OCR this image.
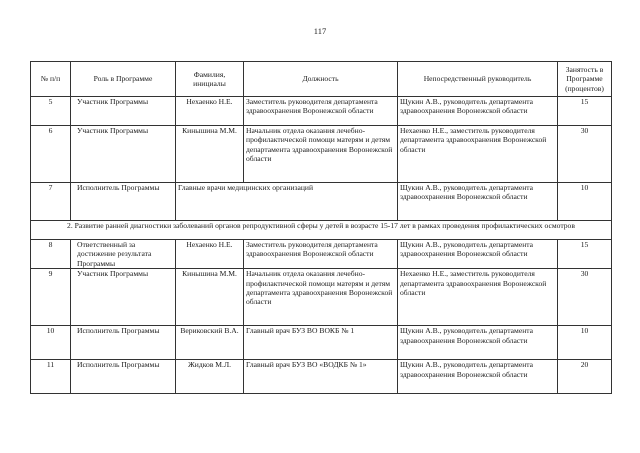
117
№ п/п	Роль в Программе	Фамилия, инициалы	Должность	Непосредственный руководитель	Занятость в Программе (процентов)
5	Участник Программы	Нехаенко Н.Е.	Заместитель руководителя департамента здравоохранения Воронежской области	Щукин А.В., руководитель департамента здравоохранения Воронежской области	15
6	Участник Программы	Кинышина М.М.	Начальник отдела оказания лечебно-профилактической помощи матерям и детям департамента здравоохранения Воронежской области	Нехаенко Н.Е., заместитель руководителя департамента здравоохранения Воронежской области	30
7	Исполнитель Программы	Главные врачи медицинских организаций		Щукин А.В., руководитель департамента здравоохранения Воронежской области	10
2. Развитие ранней диагностики заболеваний органов репродуктивной сферы у детей в возрасте 15-17 лет в рамках проведения профилактических осмотров					
8	Ответственный за достижение результата Программы	Нехаенко Н.Е.	Заместитель руководителя департамента здравоохранения Воронежской области	Щукин А.В., руководитель департамента здравоохранения Воронежской области	15
9	Участник Программы	Кинышина М.М.	Начальник отдела оказания лечебно-профилактической помощи матерям и детям департамента здравоохранения Воронежской области	Нехаенко Н.Е., заместитель руководителя департамента здравоохранения Воронежской области	30
10	Исполнитель Программы	Вериковский В.А.	Главный врач БУЗ ВО ВОКБ № 1	Щукин А.В., руководитель департамента здравоохранения Воронежской области	10
11	Исполнитель Программы	Жидков М.Л.	Главный врач БУЗ ВО «ВОДКБ № 1»	Щукин А.В., руководитель департамента здравоохранения Воронежской области	20
